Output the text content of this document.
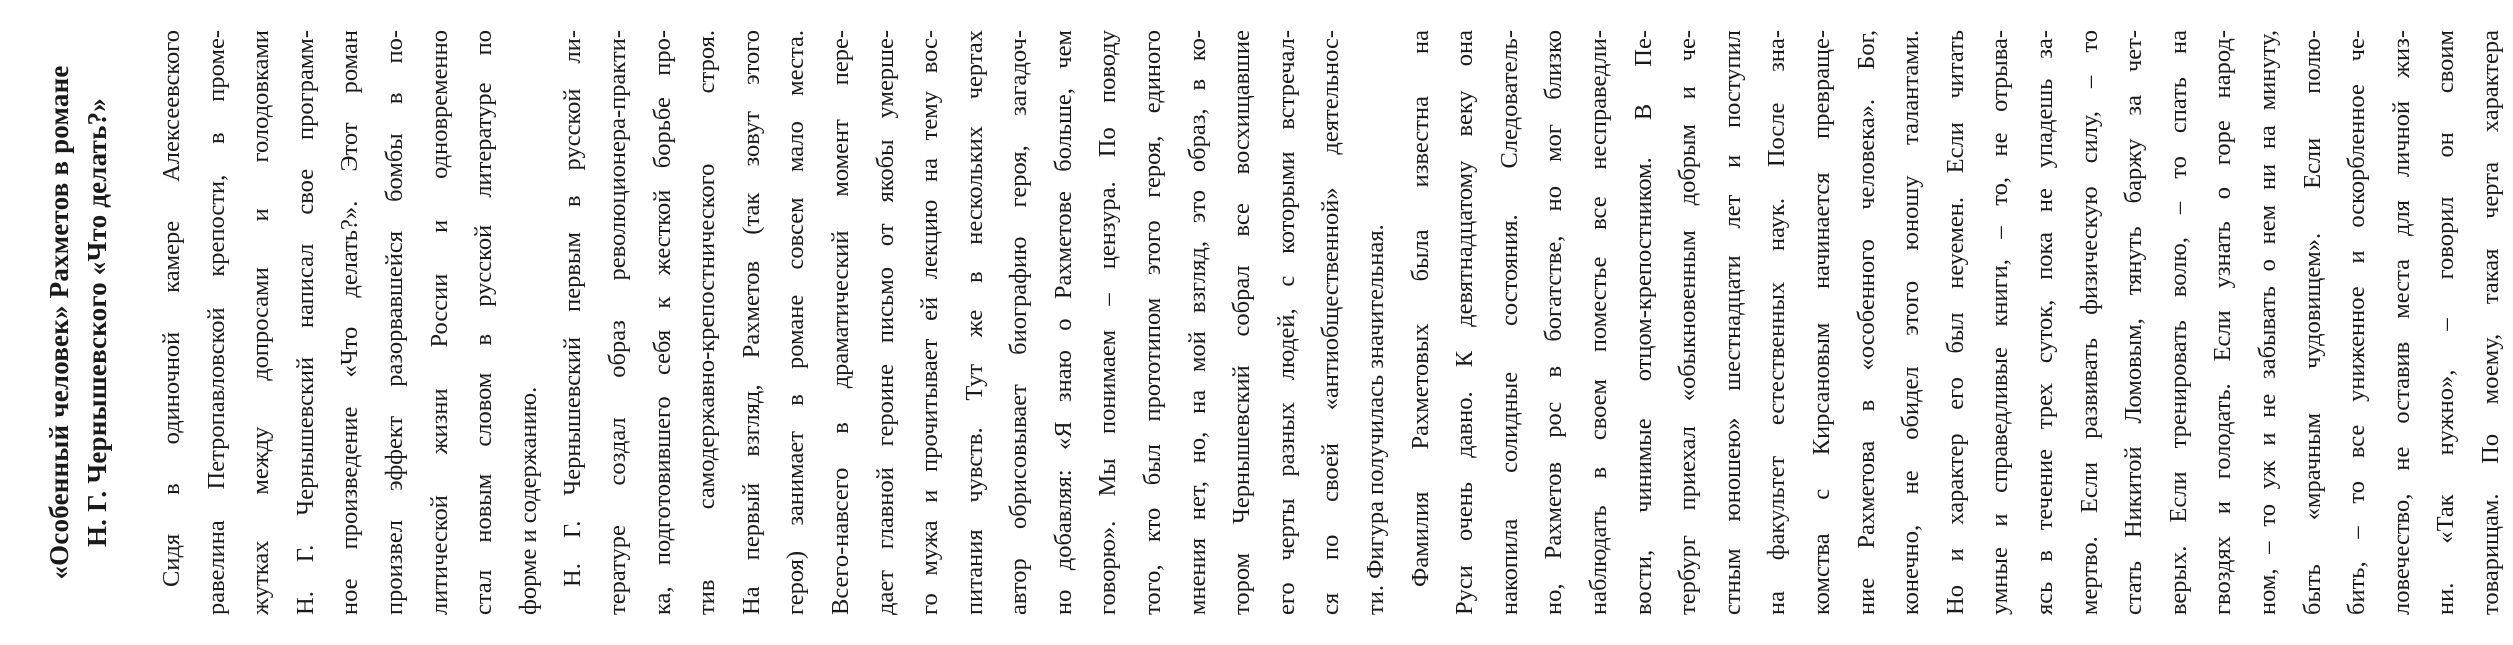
«Особенный человек» Рахметов в романе Н. Г. Чернышевского «Что делать?»	Сидя в одиночной камере Алексеевского равелина Петропавловской крепости, в проме- жутках между допросами и голодовками Н. Г. Чернышевский написал свое программ- ное произведение «Что делать?». Этот роман произвел эффект разорвавшейся бомбы в по- литической жизни России и одновременно стал новым словом в русской литературе по форме и содержанию. Н. Г. Чернышевский первым в русской ли- тературе создал образ революционера-практи- ка, подготовившего себя к жесткой борьбе про- тив самодержавно-крепостнического строя. На первый взгляд, Рахметов (так зовут этого героя) занимает в романе совсем мало места. Всего-навсего в драматический момент пере- дает главной героине письмо от якобы умерше- го мужа и прочитывает ей лекцию на тему вос- питания чувств. Тут же в нескольких чертах автор обрисовывает биографию героя, загадоч- но добавляя: «Я знаю о Рахметове больше, чем говорю». Мы понимаем – цензура. По поводу того, кто был прототипом этого героя, единого мнения нет, но, на мой взгляд, это образ, в ко- тором Чернышевский собрал все восхищавшие его черты разных людей, с которыми встречал- ся по своей «антиобщественной» деятельнос- ти. Фигура получилась значительная. Фамилия Рахметовых была известна на Руси очень давно. К девятнадцатому веку она накопила солидные состояния. Следователь- но, Рахметов рос в богатстве, но мог близко наблюдать в своем поместье все несправедли- вости, чинимые отцом-крепостником. В Пе- тербург приехал «обыкновенным добрым и че- стным юношею» шестнадцати лет и поступил на факультет естественных наук. После зна- комства с Кирсановым начинается превраще- ние Рахметова в «особенного человека». Бог, конечно, не обидел этого юношу талантами. Но и характер его был неуемен. Если читать умные и справедливые книги, – то, не отрыва- ясь в течение трех суток, пока не упадешь за- мертво. Если развивать физическую силу, – то стать Никитой Ломовым, тянуть баржу за чет- верых. Если тренировать волю, – то спать на гвоздях и голодать. Если узнать о горе народ- ном, – то уж и не забывать о нем ни на минуту, быть «мрачным чудовищем». Если полю- бить, – то все униженное и оскорбленное че- ловечество, не оставив места для личной жиз- ни. «Так нужно», – говорил он своим товарищам. По моему, такая черта характера
